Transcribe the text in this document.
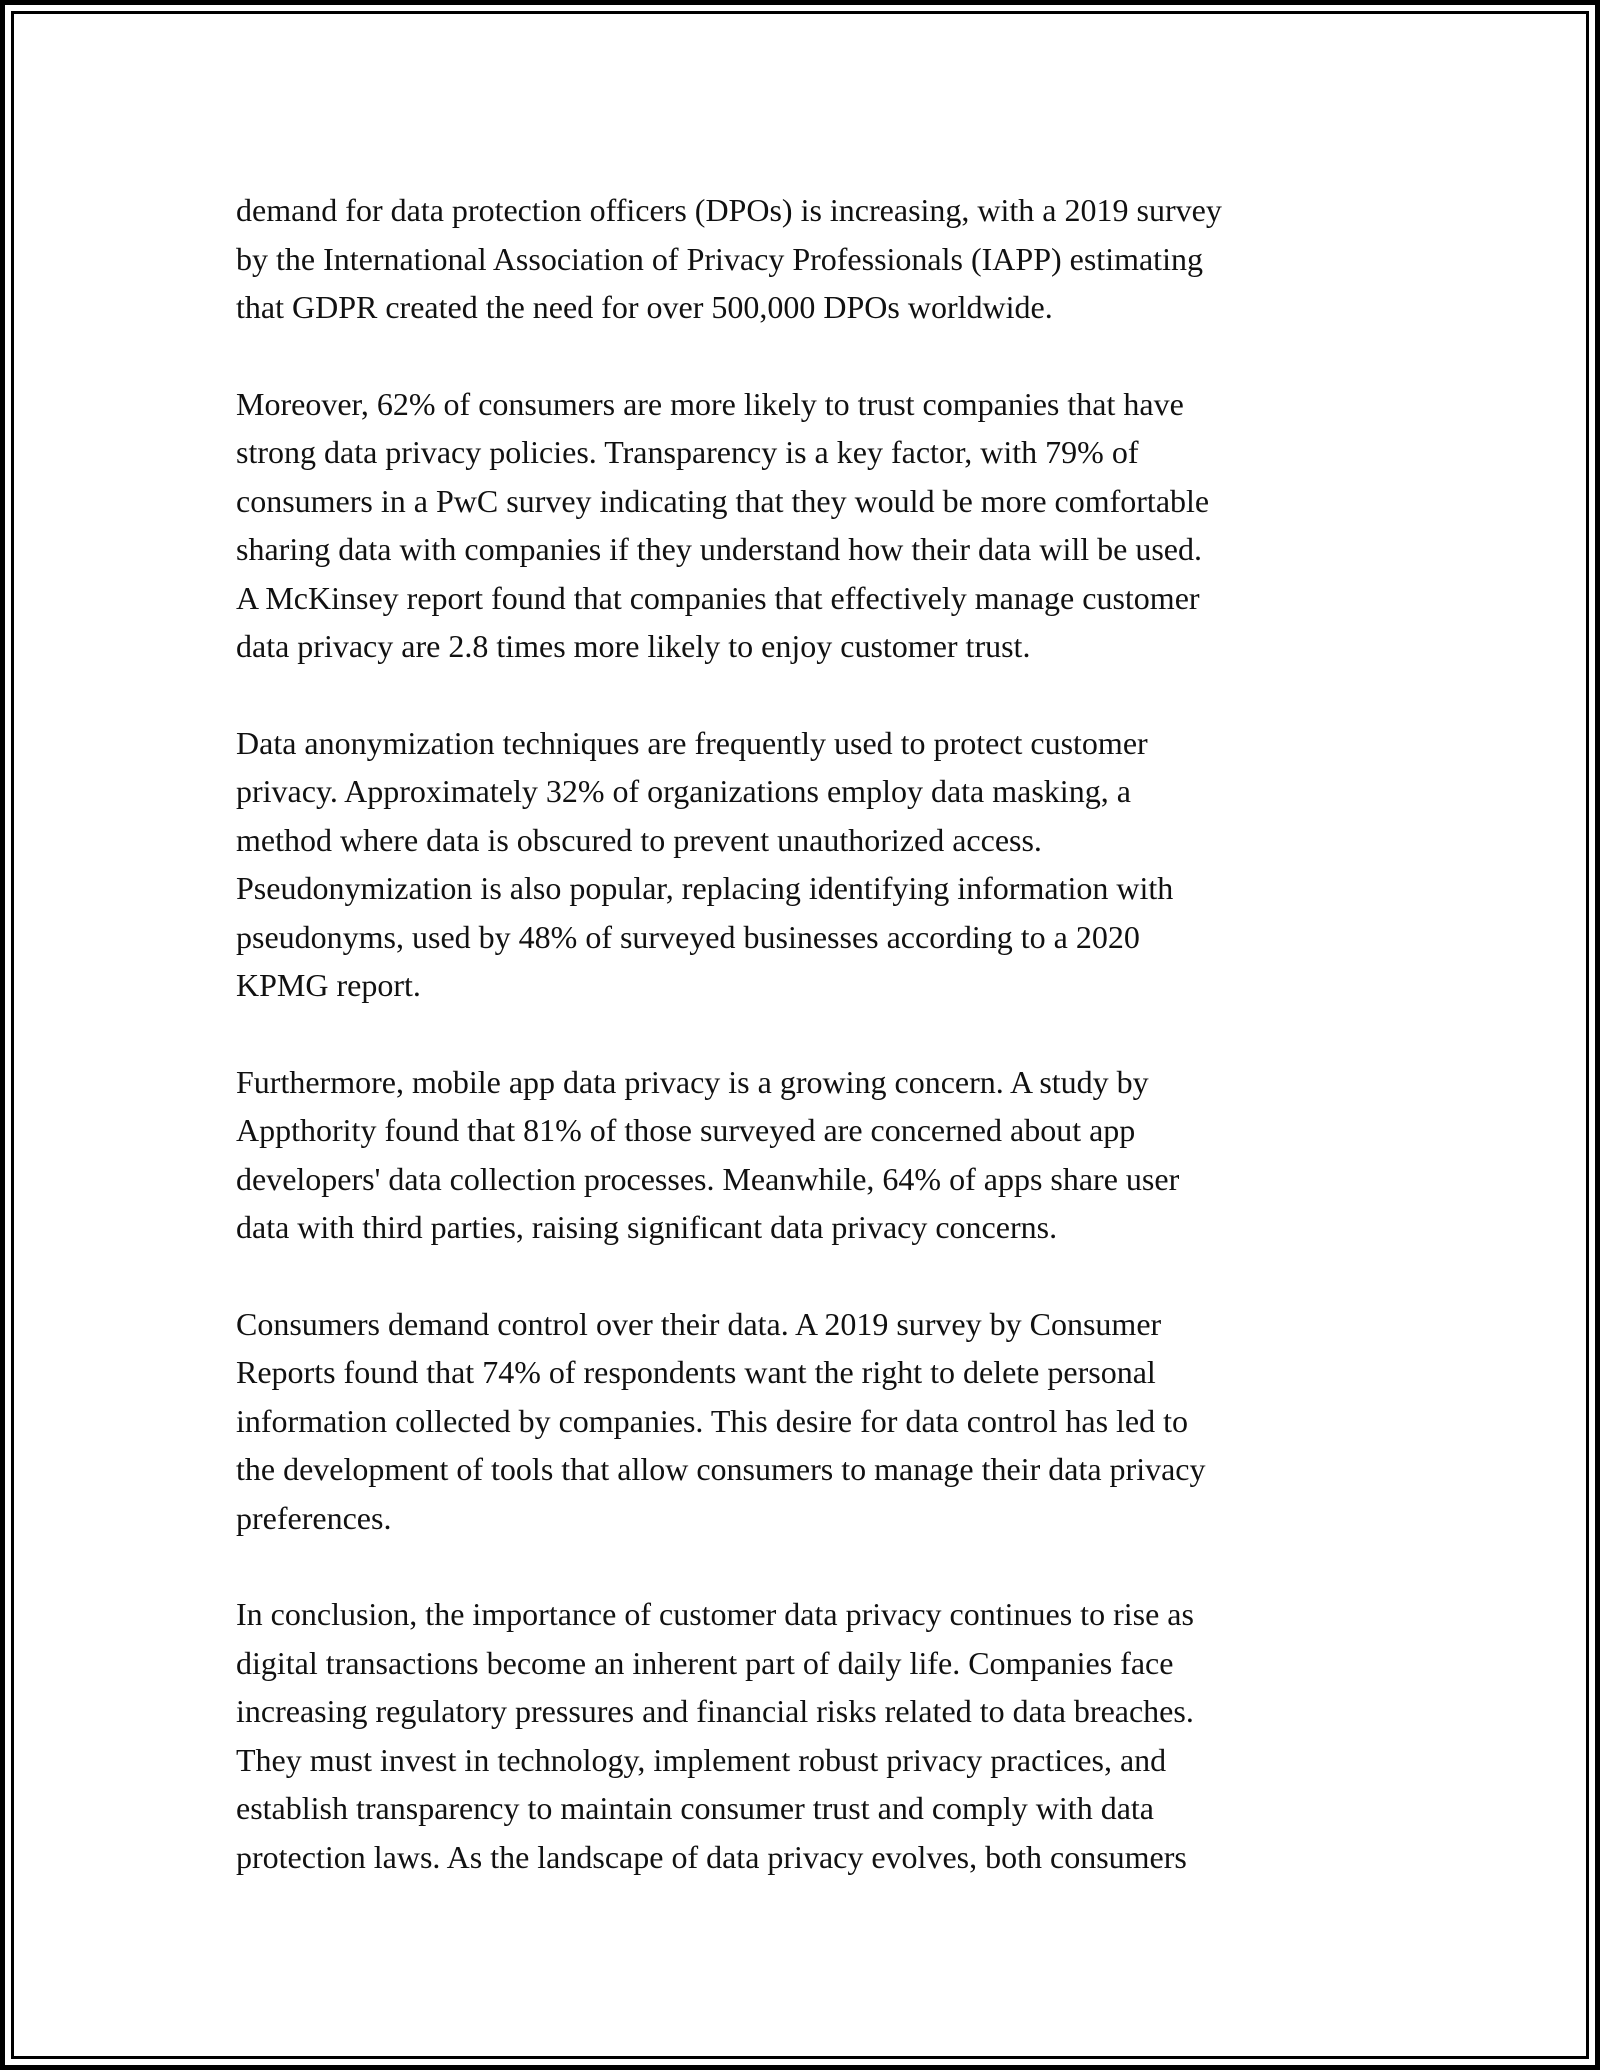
demand for data protection officers (DPOs) is increasing, with a 2019 survey
by the International Association of Privacy Professionals (IAPP) estimating
that GDPR created the need for over 500,000 DPOs worldwide.

Moreover, 62% of consumers are more likely to trust companies that have
strong data privacy policies. Transparency is a key factor, with 79% of
consumers in a PwC survey indicating that they would be more comfortable
sharing data with companies if they understand how their data will be used.
A McKinsey report found that companies that effectively manage customer
data privacy are 2.8 times more likely to enjoy customer trust.

Data anonymization techniques are frequently used to protect customer
privacy. Approximately 32% of organizations employ data masking, a
method where data is obscured to prevent unauthorized access.
Pseudonymization is also popular, replacing identifying information with
pseudonyms, used by 48% of surveyed businesses according to a 2020
KPMG report.

Furthermore, mobile app data privacy is a growing concern. A study by
Appthority found that 81% of those surveyed are concerned about app
developers' data collection processes. Meanwhile, 64% of apps share user
data with third parties, raising significant data privacy concerns.

Consumers demand control over their data. A 2019 survey by Consumer
Reports found that 74% of respondents want the right to delete personal
information collected by companies. This desire for data control has led to
the development of tools that allow consumers to manage their data privacy
preferences.

In conclusion, the importance of customer data privacy continues to rise as
digital transactions become an inherent part of daily life. Companies face
increasing regulatory pressures and financial risks related to data breaches.
They must invest in technology, implement robust privacy practices, and
establish transparency to maintain consumer trust and comply with data
protection laws. As the landscape of data privacy evolves, both consumers
